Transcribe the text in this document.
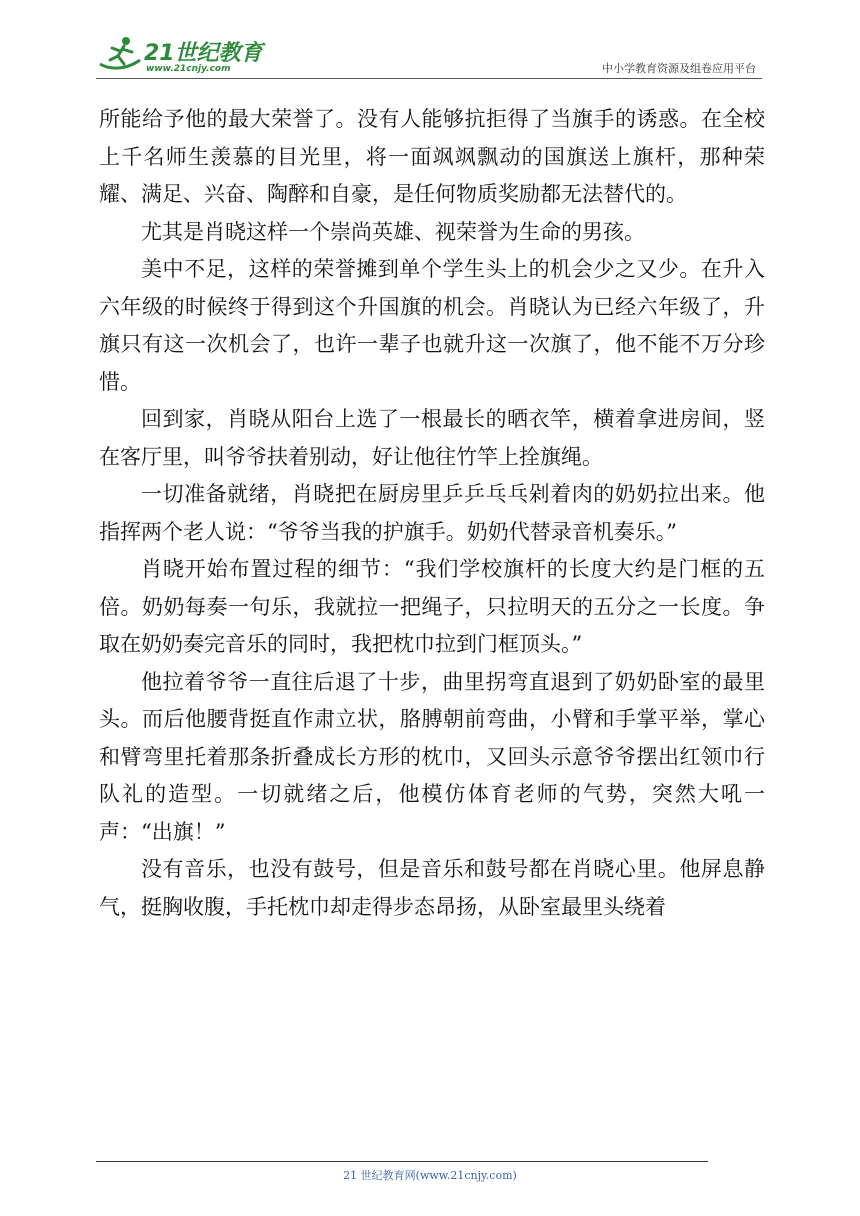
21世纪教育
www.21cnjy.com	中小学教育资源及组卷应用平台

所能给予他的最大荣誉了。没有人能够抗拒得了当旗手的诱惑。在全校上千名师生羡慕的目光里，将一面飒飒飘动的国旗送上旗杆，那种荣耀、满足、兴奋、陶醉和自豪，是任何物质奖励都无法替代的。

尤其是肖晓这样一个崇尚英雄、视荣誉为生命的男孩。

美中不足，这样的荣誉摊到单个学生头上的机会少之又少。在升入六年级的时候终于得到这个升国旗的机会。肖晓认为已经六年级了，升旗只有这一次机会了，也许一辈子也就升这一次旗了，他不能不万分珍惜。

回到家，肖晓从阳台上选了一根最长的晒衣竿，横着拿进房间，竖在客厅里，叫爷爷扶着别动，好让他往竹竿上拴旗绳。

一切准备就绪，肖晓把在厨房里乒乒乓乓剁着肉的奶奶拉出来。他指挥两个老人说：“爷爷当我的护旗手。奶奶代替录音机奏乐。”

肖晓开始布置过程的细节：“我们学校旗杆的长度大约是门框的五倍。奶奶每奏一句乐，我就拉一把绳子，只拉明天的五分之一长度。争取在奶奶奏完音乐的同时，我把枕巾拉到门框顶头。”

他拉着爷爷一直往后退了十步，曲里拐弯直退到了奶奶卧室的最里头。而后他腰背挺直作肃立状，胳膊朝前弯曲，小臂和手掌平举，掌心和臂弯里托着那条折叠成长方形的枕巾，又回头示意爷爷摆出红领巾行队礼的造型。一切就绪之后，他模仿体育老师的气势，突然大吼一声：“出旗！”

没有音乐，也没有鼓号，但是音乐和鼓号都在肖晓心里。他屏息静气，挺胸收腹，手托枕巾却走得步态昂扬，从卧室最里头绕着

21 世纪教育网(www.21cnjy.com)
